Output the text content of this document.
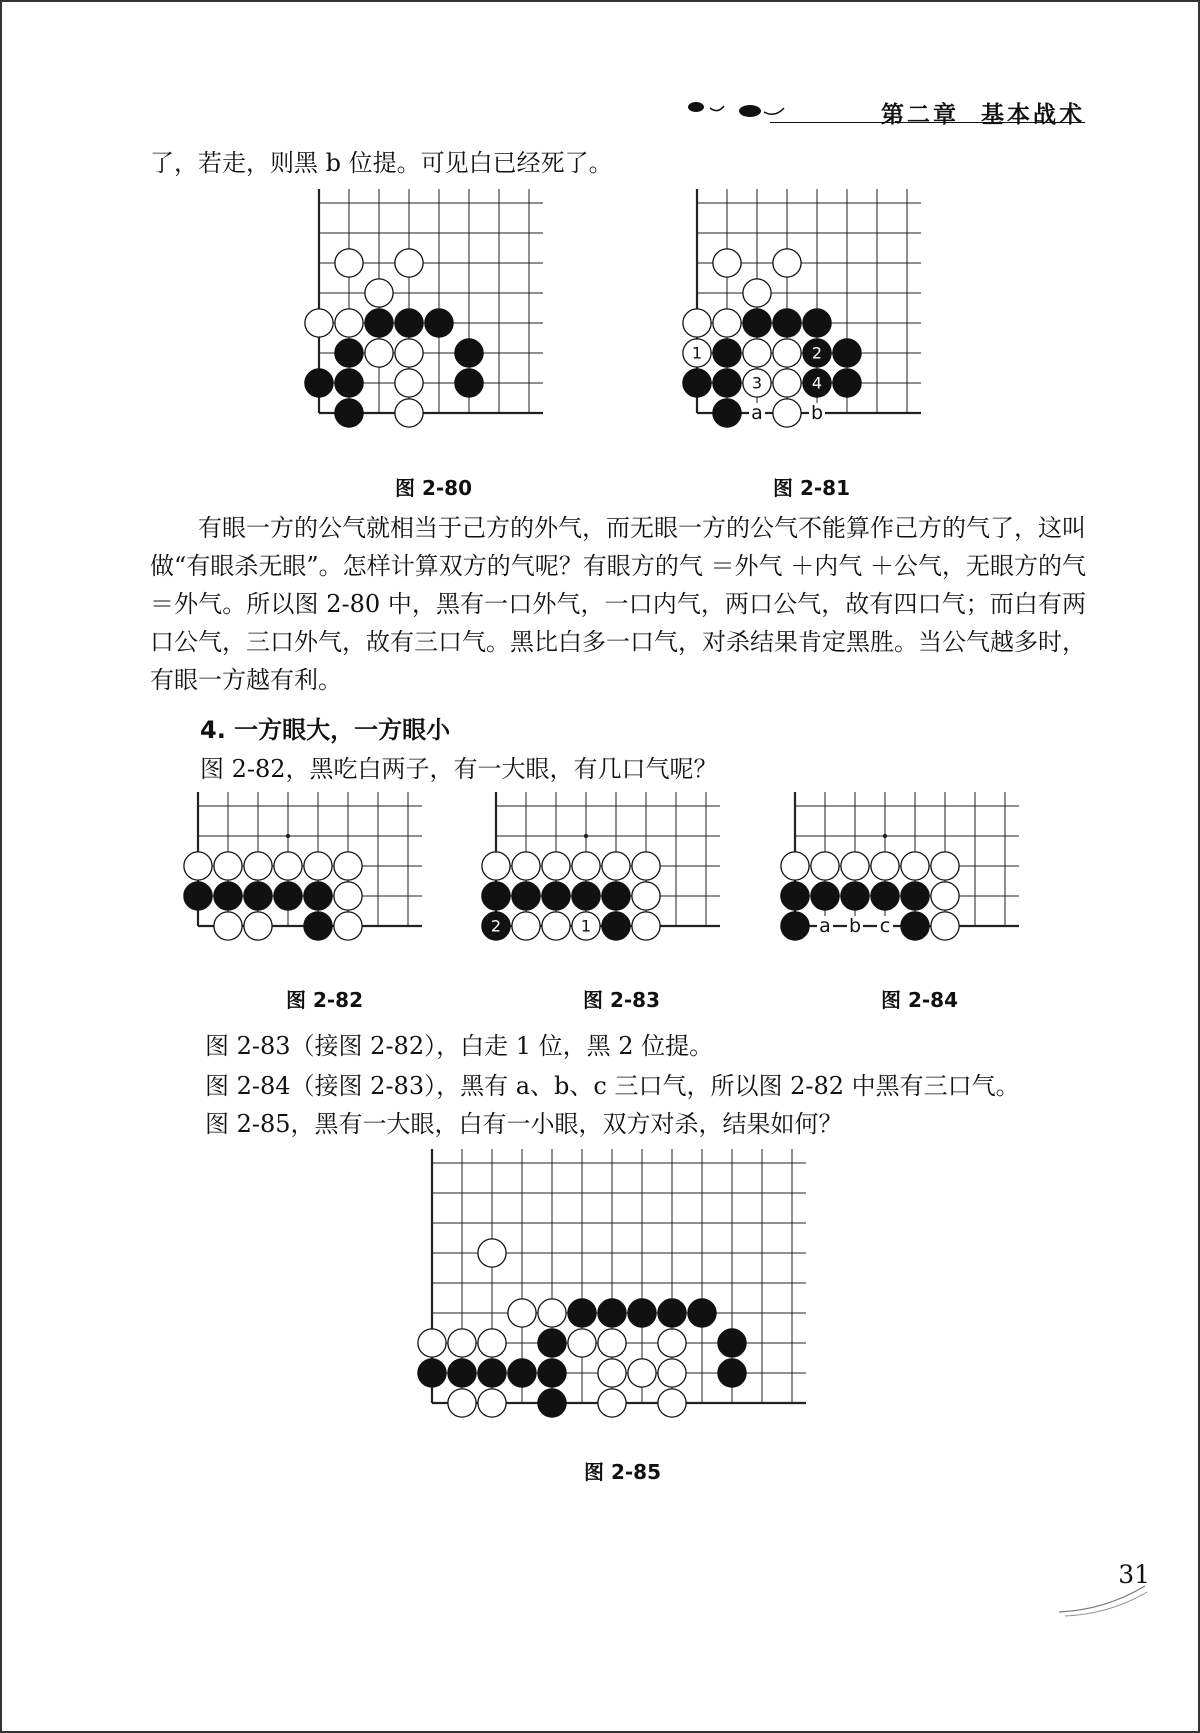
第二章 基本战术

了，若走，则黑 b 位提。可见白已经死了。

1	2
3	4
a	b
图 2-80	图 2-81

有眼一方的公气就相当于己方的外气，而无眼一方的公气不能算作己方的气了，这叫做“有眼杀无眼”。怎样计算双方的气呢？有眼方的气 ＝外气 ＋内气 ＋公气，无眼方的气 ＝外气。所以图 2-80 中，黑有一口外气，一口内气，两口公气，故有四口气；而白有两口公气，三口外气，故有三口气。黑比白多一口气，对杀结果肯定黑胜。当公气越多时，有眼一方越有利。

4. 一方眼大，一方眼小
图 2-82，黑吃白两子，有一大眼，有几口气呢？
2	1	a b c
图 2-82	图 2-83	图 2-84
图 2-83（接图 2-82），白走 1 位，黑 2 位提。
图 2-84（接图 2-83），黑有 a、b、c 三口气，所以图 2-82 中黑有三口气。
图 2-85，黑有一大眼，白有一小眼，双方对杀，结果如何？
图 2-85
31
